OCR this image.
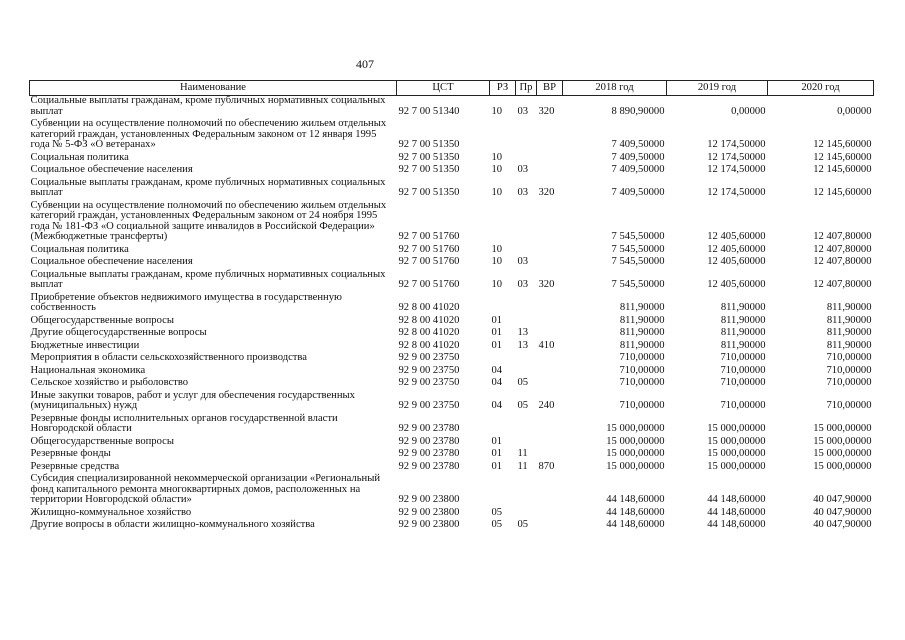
407
Наименование	ЦСТ	РЗ	Пр	ВР	2018 год	2019 год	2020 год
Социальные выплаты гражданам, кроме публичных нормативных социальных выплат	92 7 00 51340	10	03	320	8 890,90000	0,00000	0,00000
Субвенции на осуществление полномочий по обеспечению жильем отдельных категорий граждан, установленных Федеральным законом от 12 января 1995 года № 5-ФЗ «О ветеранах»	92 7 00 51350				7 409,50000	12 174,50000	12 145,60000
Социальная политика	92 7 00 51350	10			7 409,50000	12 174,50000	12 145,60000
Социальное обеспечение населения	92 7 00 51350	10	03		7 409,50000	12 174,50000	12 145,60000
Социальные выплаты гражданам, кроме публичных нормативных социальных выплат	92 7 00 51350	10	03	320	7 409,50000	12 174,50000	12 145,60000
Субвенции на осуществление полномочий по обеспечению жильем отдельных категорий граждан, установленных Федеральным законом от 24 ноября 1995 года № 181-ФЗ «О социальной защите инвалидов в Российской Федерации» (Межбюджетные трансферты)	92 7 00 51760				7 545,50000	12 405,60000	12 407,80000
Социальная политика	92 7 00 51760	10			7 545,50000	12 405,60000	12 407,80000
Социальное обеспечение населения	92 7 00 51760	10	03		7 545,50000	12 405,60000	12 407,80000
Социальные выплаты гражданам, кроме публичных нормативных социальных выплат	92 7 00 51760	10	03	320	7 545,50000	12 405,60000	12 407,80000
Приобретение объектов недвижимого имущества в государственную собственность	92 8 00 41020				811,90000	811,90000	811,90000
Общегосударственные вопросы	92 8 00 41020	01			811,90000	811,90000	811,90000
Другие общегосударственные вопросы	92 8 00 41020	01	13		811,90000	811,90000	811,90000
Бюджетные инвестиции	92 8 00 41020	01	13	410	811,90000	811,90000	811,90000
Мероприятия в области сельскохозяйственного производства	92 9 00 23750				710,00000	710,00000	710,00000
Национальная экономика	92 9 00 23750	04			710,00000	710,00000	710,00000
Сельское хозяйство и рыболовство	92 9 00 23750	04	05		710,00000	710,00000	710,00000
Иные закупки товаров, работ и услуг для обеспечения государственных (муниципальных) нужд	92 9 00 23750	04	05	240	710,00000	710,00000	710,00000
Резервные фонды исполнительных органов государственной власти Новгородской области	92 9 00 23780				15 000,00000	15 000,00000	15 000,00000
Общегосударственные вопросы	92 9 00 23780	01			15 000,00000	15 000,00000	15 000,00000
Резервные фонды	92 9 00 23780	01	11		15 000,00000	15 000,00000	15 000,00000
Резервные средства	92 9 00 23780	01	11	870	15 000,00000	15 000,00000	15 000,00000
Субсидия специализированной некоммерческой организации «Региональный фонд капитального ремонта многоквартирных домов, расположенных на территории Новгородской области»	92 9 00 23800				44 148,60000	44 148,60000	40 047,90000
Жилищно-коммунальное хозяйство	92 9 00 23800	05			44 148,60000	44 148,60000	40 047,90000
Другие вопросы в области жилищно-коммунального хозяйства	92 9 00 23800	05	05		44 148,60000	44 148,60000	40 047,90000
